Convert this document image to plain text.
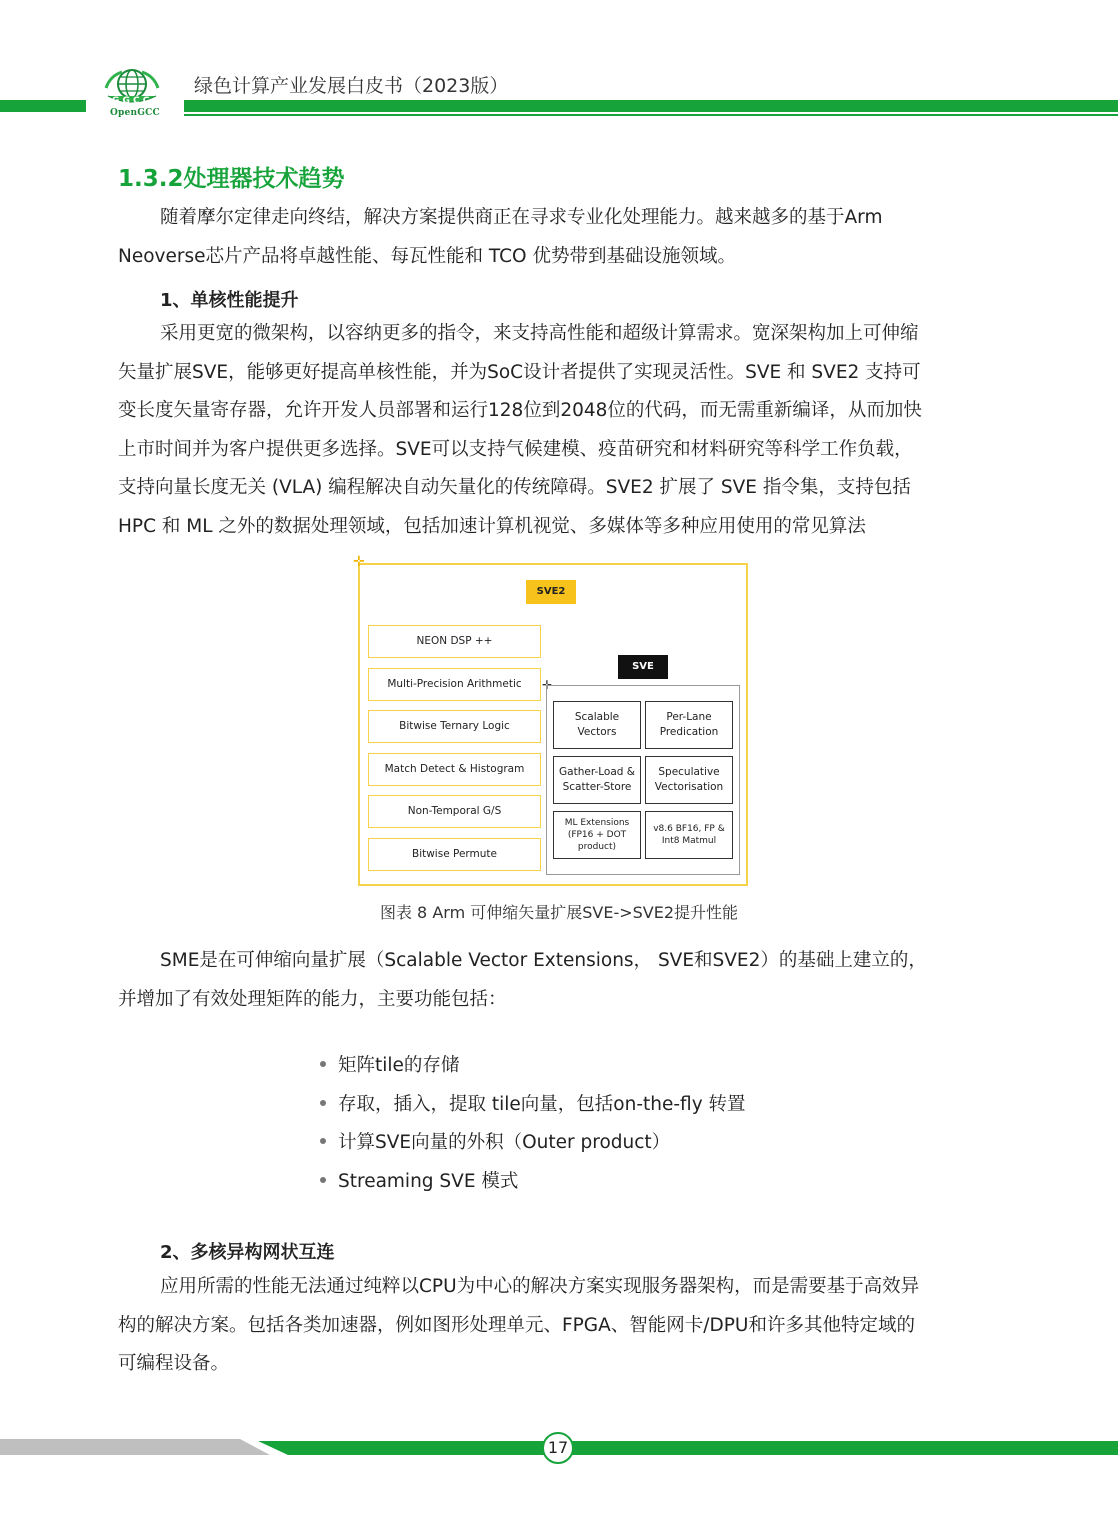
G G C C
OpenGCC
绿色计算产业发展白皮书（2023版）
1.3.2处理器技术趋势
随着摩尔定律走向终结，解决方案提供商正在寻求专业化处理能力。越来越多的基于Arm
Neoverse芯片产品将卓越性能、每瓦性能和 TCO 优势带到基础设施领域。
1、单核性能提升
采用更宽的微架构，以容纳更多的指令，来支持高性能和超级计算需求。宽深架构加上可伸缩
矢量扩展SVE，能够更好提高单核性能，并为SoC设计者提供了实现灵活性。SVE 和 SVE2 支持可
变长度矢量寄存器，允许开发人员部署和运行128位到2048位的代码，而无需重新编译，从而加快
上市时间并为客户提供更多选择。SVE可以支持气候建模、疫苗研究和材料研究等科学工作负载，
支持向量长度无关 (VLA) 编程解决自动矢量化的传统障碍。SVE2 扩展了 SVE 指令集，支持包括
HPC 和 ML 之外的数据处理领域，包括加速计算机视觉、多媒体等多种应用使用的常见算法
✛
SVE2
SVE
NEON DSP ++
Multi-Precision Arithmetic
Bitwise Ternary Logic
Match Detect & Histogram
Non-Temporal G/S
Bitwise Permute
✛
Scalable
Vectors
Per-Lane
Predication
Gather-Load &
Scatter-Store
Speculative
Vectorisation
ML Extensions
(FP16 + DOT
product)
v8.6 BF16, FP &
Int8 Matmul
图表 8 Arm 可伸缩矢量扩展SVE->SVE2提升性能
SME是在可伸缩向量扩展（Scalable Vector Extensions， SVE和SVE2）的基础上建立的，
并增加了有效处理矩阵的能力，主要功能包括：
矩阵tile的存储
存取，插入，提取 tile向量，包括on-the-fly 转置
计算SVE向量的外积（Outer product）
Streaming SVE 模式
2、多核异构网状互连
应用所需的性能无法通过纯粹以CPU为中心的解决方案实现服务器架构，而是需要基于高效异
构的解决方案。包括各类加速器，例如图形处理单元、FPGA、智能网卡/DPU和许多其他特定域的
可编程设备。
17
